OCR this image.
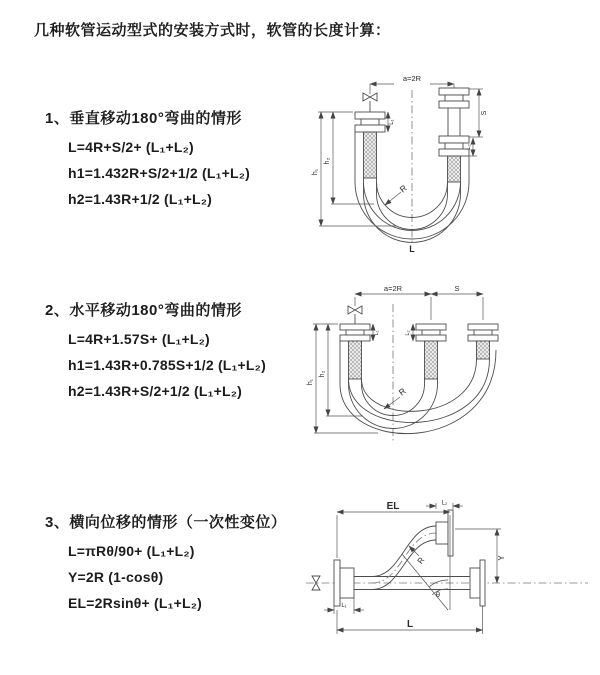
几种软管运动型式的安装方式时，软管的长度计算：
1、垂直移动180°弯曲的情形

L=4R+S/2+ (L₁+L₂)

h1=1.432R+S/2+1/2 (L₁+L₂)

h2=1.43R+1/2 (L₁+L₂)

a=2R
S
L₂
L₁
h₁
h₂
R
L
2、水平移动180°弯曲的情形

L=4R+1.57S+ (L₁+L₂)

h1=1.43R+0.785S+1/2 (L₁+L₂)

h2=1.43R+S/2+1/2 (L₁+L₂)

a=2R	S
h₁
h₂
L₁	L₂
R
3、横向位移的情形（一次性变位）

L=πRθ/90+ (L₁+L₂)

Y=2R (1-cosθ)

EL=2Rsinθ+ (L₁+L₂)

θ
EL	L₂
Y
R
L₁
L
